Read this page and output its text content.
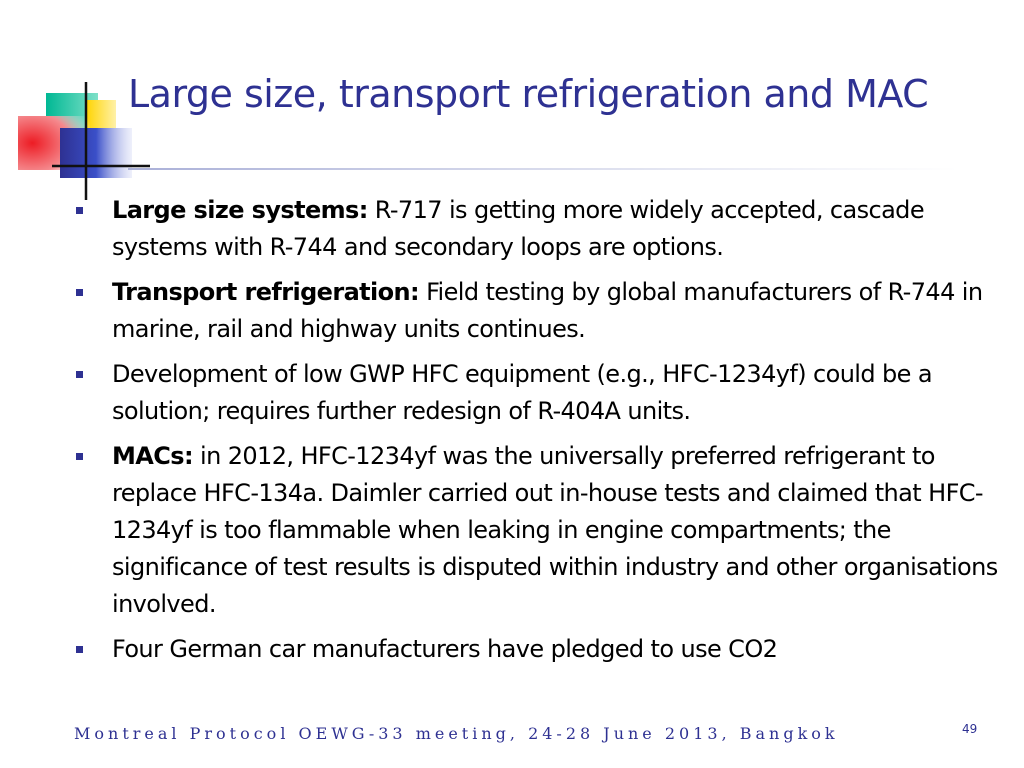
Large size, transport refrigeration and MAC
Large size systems: R-717 is getting more widely accepted, cascade systems with R-744 and secondary loops are options.
Transport refrigeration: Field testing by global manufacturers of R-744 in marine, rail and highway units continues.
Development of low GWP HFC equipment (e.g., HFC-1234yf) could be a solution; requires further redesign of R-404A units.
MACs: in 2012, HFC-1234yf was the universally preferred refrigerant to replace HFC-134a. Daimler carried out in-house tests and claimed that HFC-1234yf is too flammable when leaking in engine compartments; the significance of test results is disputed within industry and other organisations involved.
Four German car manufacturers have pledged to use CO2
Montreal Protocol OEWG-33 meeting, 24-28 June 2013, Bangkok	49
